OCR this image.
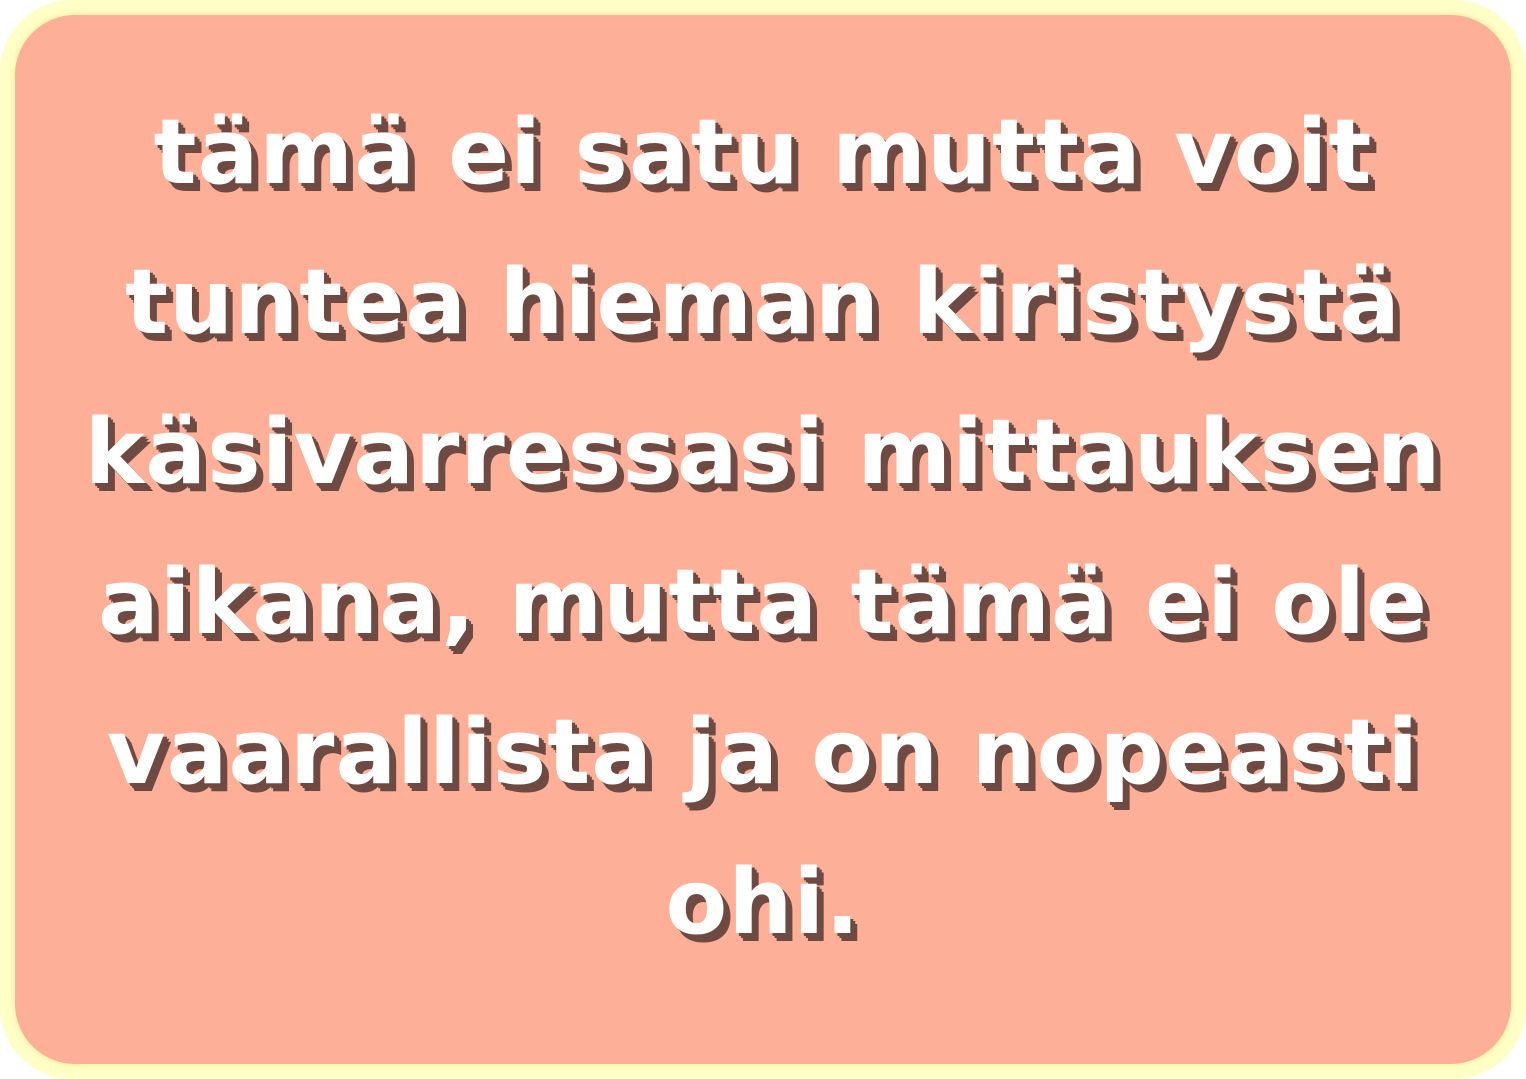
tämä ei satu mutta voit
tuntea hieman kiristystä
käsivarressasi mittauksen
aikana, mutta tämä ei ole
vaarallista ja on nopeasti
ohi.
